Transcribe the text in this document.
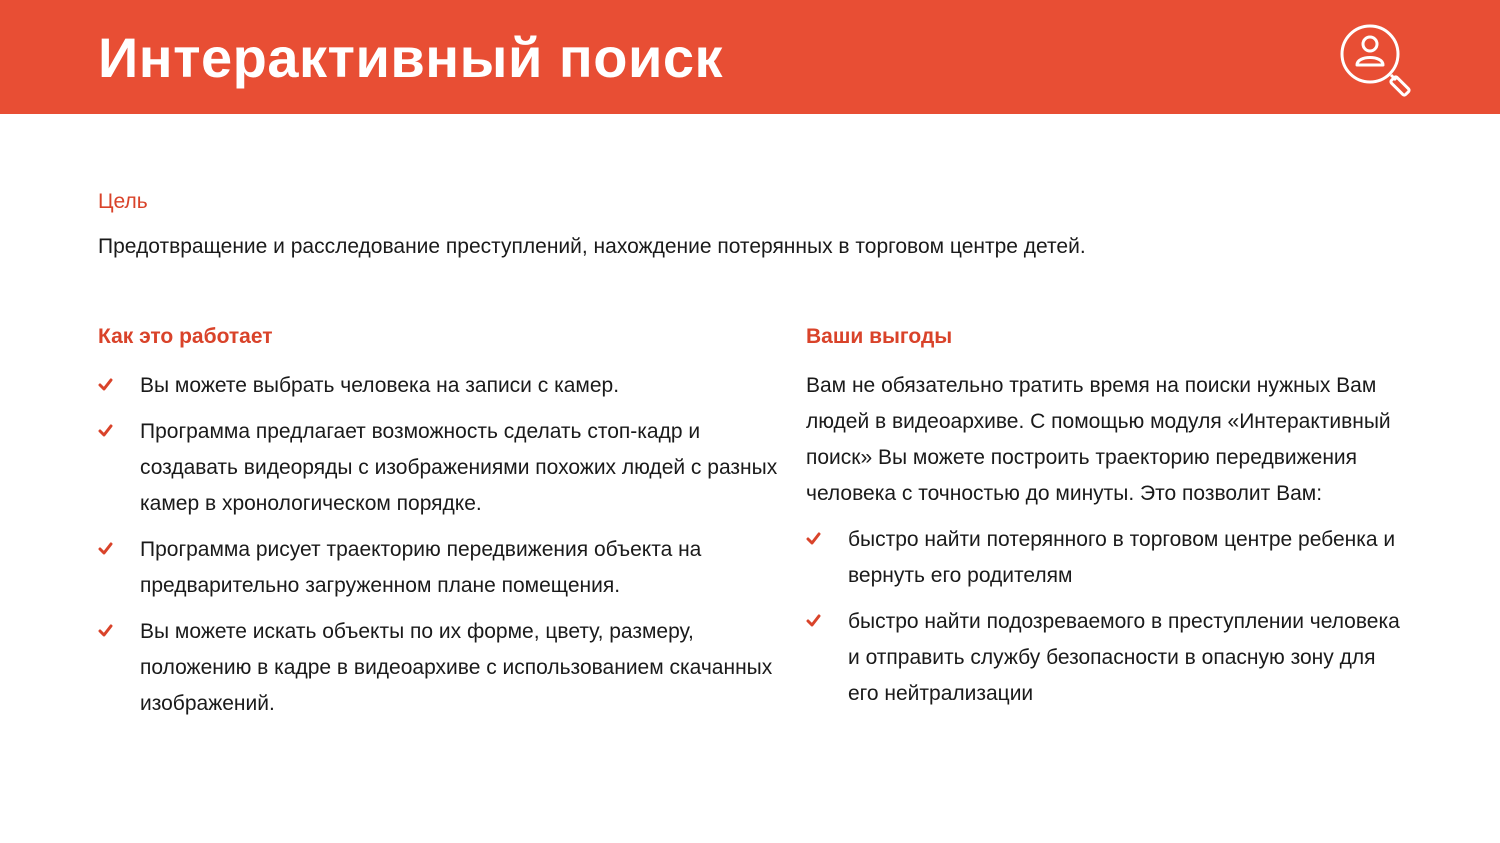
Интерактивный поиск
Цель
Предотвращение и расследование преступлений, нахождение потерянных в торговом центре детей.
Как это работает
Вы можете выбрать человека на записи с камер.
Программа предлагает возможность сделать стоп-кадр и создавать видеоряды с изображениями похожих людей с разных камер в хронологическом порядке.
Программа рисует траекторию передвижения объекта на предварительно загруженном плане помещения.
Вы можете искать объекты по их форме, цвету, размеру, положению в кадре в видеоархиве с использованием скачанных изображений.
Ваши выгоды

Вам не обязательно тратить время на поиски нужных Вам людей в видеоархиве. С помощью модуля «Интерактивный поиск» Вы можете построить траекторию передвижения человека с точностью до минуты. Это позволит Вам:

быстро найти потерянного в торговом центре ребенка и вернуть его родителям
быстро найти подозреваемого в преступлении человека и отправить службу безопасности в опасную зону для его нейтрализации
